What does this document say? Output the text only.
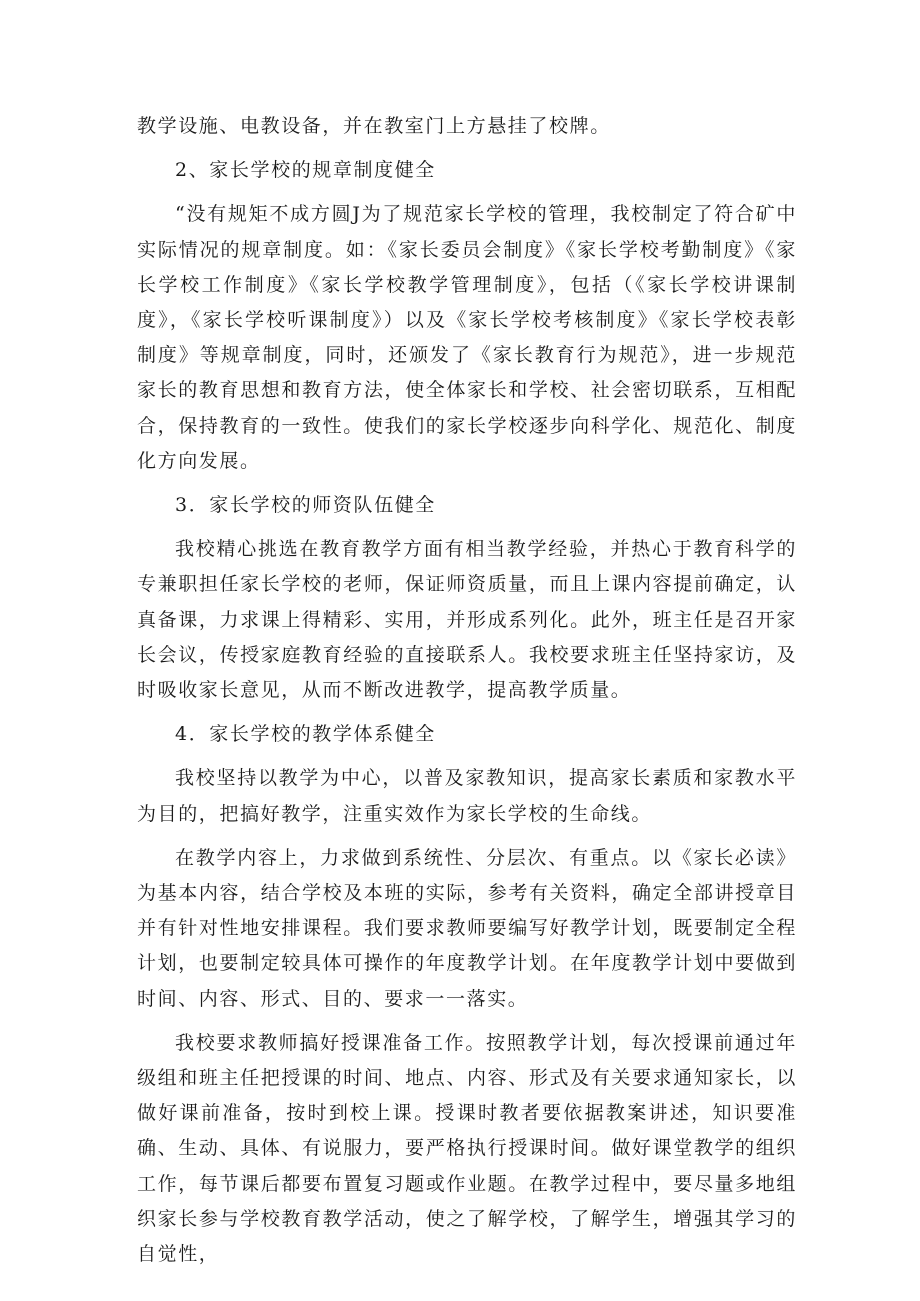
教学设施、电教设备，并在教室门上方悬挂了校牌。

2、家长学校的规章制度健全

“没有规矩不成方圆J为了规范家长学校的管理，我校制定了符合矿中实际情况的规章制度。如：《家长委员会制度》《家长学校考勤制度》《家长学校工作制度》《家长学校教学管理制度》，包括（《家长学校讲课制度》，《家长学校听课制度》）以及《家长学校考核制度》《家长学校表彰制度》等规章制度，同时，还颁发了《家长教育行为规范》，进一步规范家长的教育思想和教育方法，使全体家长和学校、社会密切联系，互相配合，保持教育的一致性。使我们的家长学校逐步向科学化、规范化、制度化方向发展。

3．家长学校的师资队伍健全

我校精心挑选在教育教学方面有相当教学经验，并热心于教育科学的专兼职担任家长学校的老师，保证师资质量，而且上课内容提前确定，认真备课，力求课上得精彩、实用，并形成系列化。此外，班主任是召开家长会议，传授家庭教育经验的直接联系人。我校要求班主任坚持家访，及时吸收家长意见，从而不断改进教学，提高教学质量。

4．家长学校的教学体系健全

我校坚持以教学为中心，以普及家教知识，提高家长素质和家教水平为目的，把搞好教学，注重实效作为家长学校的生命线。

在教学内容上，力求做到系统性、分层次、有重点。以《家长必读》为基本内容，结合学校及本班的实际，参考有关资料，确定全部讲授章目并有针对性地安排课程。我们要求教师要编写好教学计划，既要制定全程计划，也要制定较具体可操作的年度教学计划。在年度教学计划中要做到时间、内容、形式、目的、要求一一落实。

我校要求教师搞好授课准备工作。按照教学计划，每次授课前通过年级组和班主任把授课的时间、地点、内容、形式及有关要求通知家长，以做好课前准备，按时到校上课。授课时教者要依据教案讲述，知识要准确、生动、具体、有说服力，要严格执行授课时间。做好课堂教学的组织工作，每节课后都要布置复习题或作业题。在教学过程中，要尽量多地组织家长参与学校教育教学活动，使之了解学校，了解学生，增强其学习的自觉性，
